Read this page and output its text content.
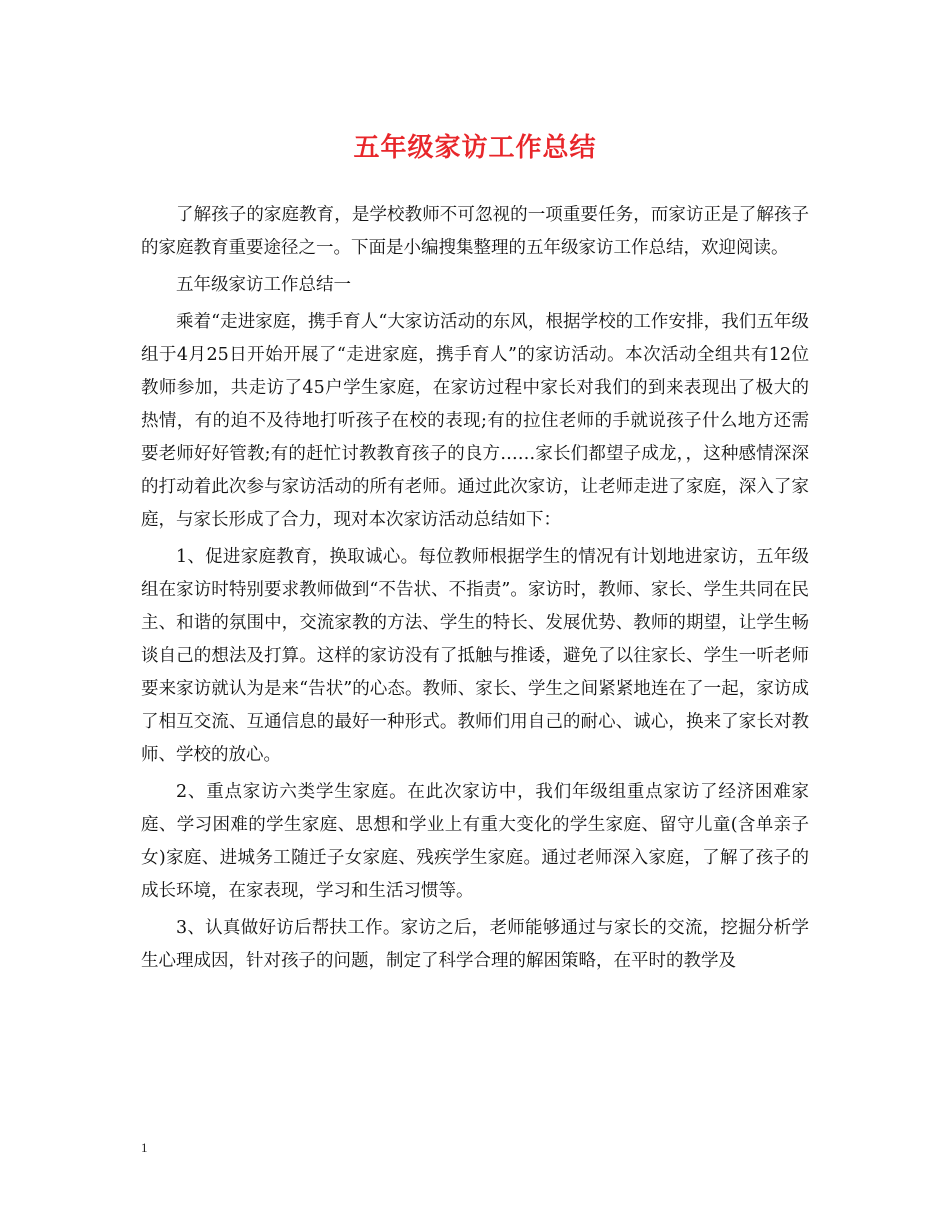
五年级家访工作总结

了解孩子的家庭教育，是学校教师不可忽视的一项重要任务，而家访正是了解孩子的家庭教育重要途径之一。下面是小编搜集整理的五年级家访工作总结，欢迎阅读。

五年级家访工作总结一

乘着“走进家庭，携手育人“大家访活动的东风，根据学校的工作安排，我们五年级组于4月25日开始开展了“走进家庭，携手育人”的家访活动。本次活动全组共有12位教师参加，共走访了45户学生家庭，在家访过程中家长对我们的到来表现出了极大的热情，有的迫不及待地打听孩子在校的表现;有的拉住老师的手就说孩子什么地方还需要老师好好管教;有的赶忙讨教教育孩子的良方……家长们都望子成龙，，这种感情深深的打动着此次参与家访活动的所有老师。通过此次家访，让老师走进了家庭，深入了家庭，与家长形成了合力，现对本次家访活动总结如下：

1、促进家庭教育，换取诚心。每位教师根据学生的情况有计划地进家访，五年级组在家访时特别要求教师做到“不告状、不指责”。家访时，教师、家长、学生共同在民主、和谐的氛围中，交流家教的方法、学生的特长、发展优势、教师的期望，让学生畅谈自己的想法及打算。这样的家访没有了抵触与推诿，避免了以往家长、学生一听老师要来家访就认为是来“告状”的心态。教师、家长、学生之间紧紧地连在了一起，家访成了相互交流、互通信息的最好一种形式。教师们用自己的耐心、诚心，换来了家长对教师、学校的放心。

2、重点家访六类学生家庭。在此次家访中，我们年级组重点家访了经济困难家庭、学习困难的学生家庭、思想和学业上有重大变化的学生家庭、留守儿童(含单亲子女)家庭、进城务工随迁子女家庭、残疾学生家庭。通过老师深入家庭，了解了孩子的成长环境，在家表现，学习和生活习惯等。

3、认真做好访后帮扶工作。家访之后，老师能够通过与家长的交流，挖掘分析学生心理成因，针对孩子的问题，制定了科学合理的解困策略，在平时的教学及

1
